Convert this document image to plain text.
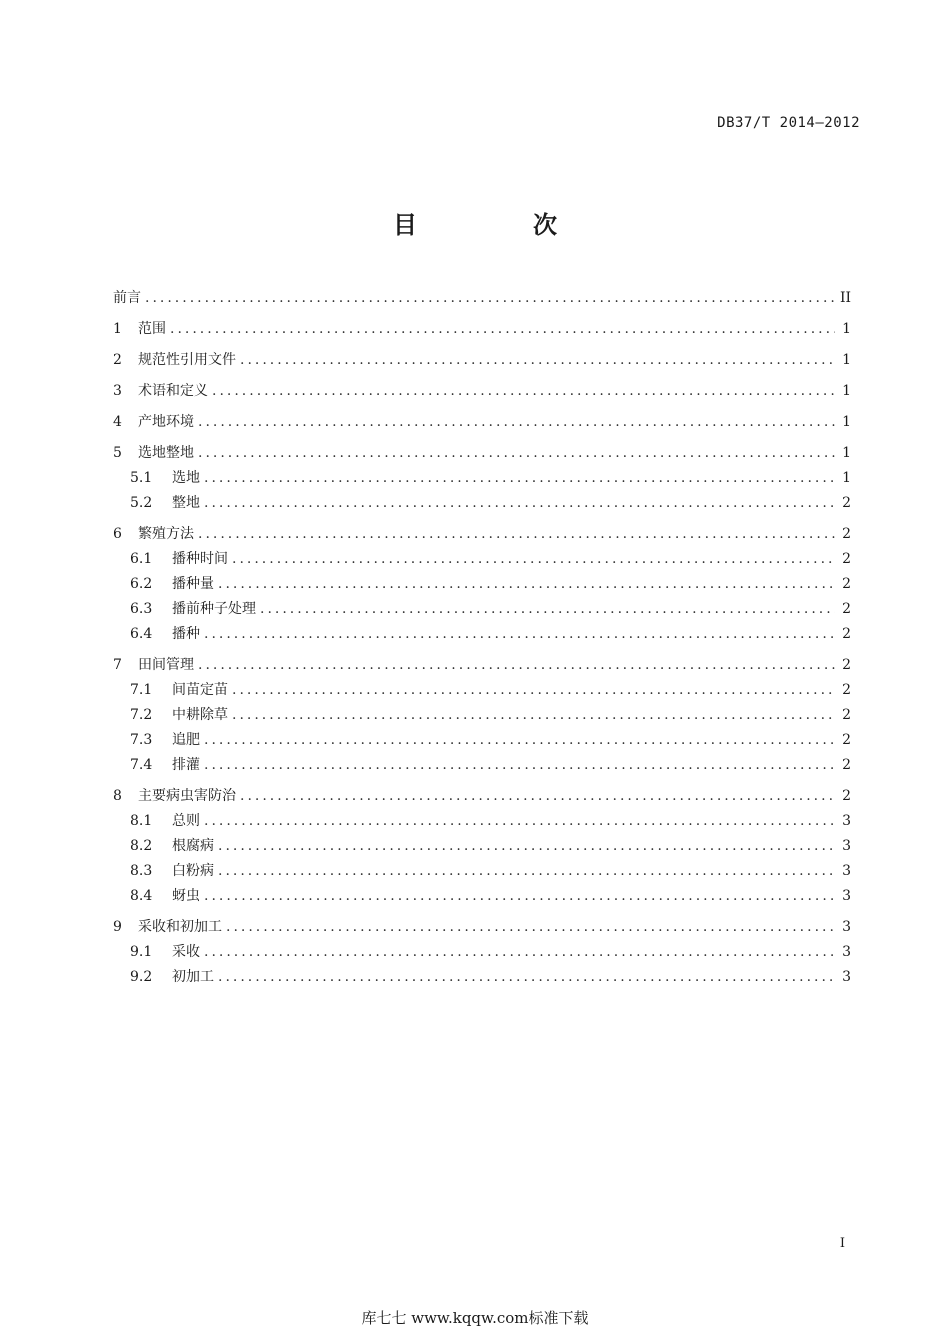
DB37/T 2014—2012
目　次
前言 .....	II
1	范围 .....	1
2	规范性引用文件 .....	1
3	术语和定义 .....	1
4	产地环境 .....	1
5	选地整地 .....	1
5.1	选地 .....	1
5.2	整地 .....	2
6	繁殖方法 .....	2
6.1	播种时间 .....	2
6.2	播种量 .....	2
6.3	播前种子处理 .....	2
6.4	播种 .....	2
7	田间管理 .....	2
7.1	间苗定苗 .....	2
7.2	中耕除草 .....	2
7.3	追肥 .....	2
7.4	排灌 .....	2
8	主要病虫害防治 .....	2
8.1	总则 .....	3
8.2	根腐病 .....	3
8.3	白粉病 .....	3
8.4	蚜虫 .....	3
9	采收和初加工 .....	3
9.1	采收 .....	3
9.2	初加工 .....	3
I
库七七 www.kqqw.com标准下载
